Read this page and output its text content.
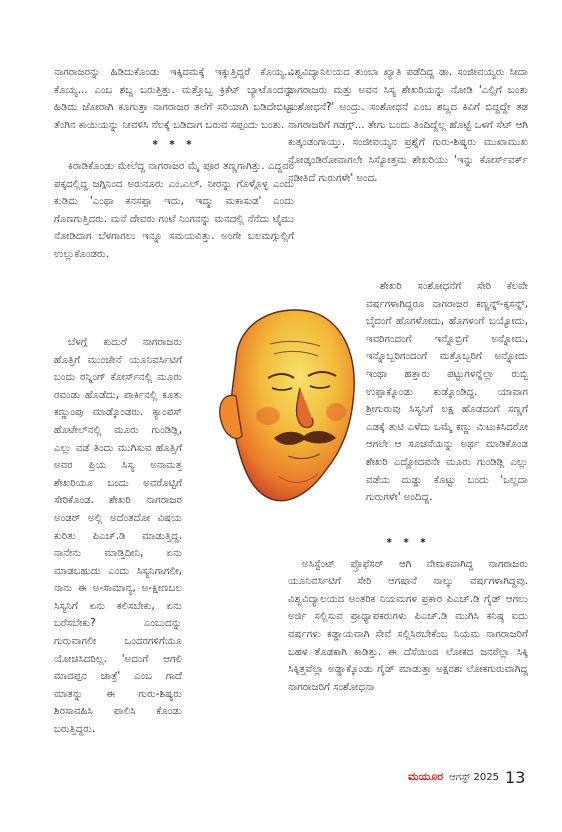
ನಾಗರಾಜರನ್ನು ಹಿಡಿದುಕೊಂಡು ಇಕ್ಕಿದಮಕ್ಕೆ ಇಕ್ಕುತ್ತಿದ್ದರೆ ಕೊಯ್ಯ... ಕೊಯ್ಯ... ಎಂಬ ಶಬ್ದ ಬರುತ್ತಿತ್ತು. ಮತ್ತೊಬ್ಬ ಕ್ರಿಕೆಟ್ ಬ್ಯಾಟೊಂದನ್ನು ಹಿಡಿದು ಜೋರಾಗಿ ಕೂಗುತ್ತಾ ನಾಗರಾಜರ ತಲೆಗೆ ಸರಿಯಾಗಿ ಬಡಿದೇಬಿಟ್ಟ. ತೆಂಗಿನ ಕಾಯಿಯನ್ನು ನೀವಳಿಸಿ ನೆಲಕ್ಕೆ ಬಡಿದಾಗ ಬರುವ ಸಪ್ಪಂದು ಬಂತು.

* * *

ಕಿರಾಡಿಕೊಂಡು ಮೇಲೆದ್ದ ನಾಗರಾಜರ ಮೈ ಪೂರ ತಣ್ಣಗಾಗಿತ್ತು. ಎದ್ದವರ ಪಕ್ಕದಲ್ಲಿದ್ದ ಜಗ್ಗಿನಿಂದ ಅರುನೂರು ಎಂ.ಎಲ್. ನೀರನ್ನು ಗೊಳ್ಗೊಳ್ಳ ಎಂದು ಕುಡಿದು 'ಎಂಥಾ ಕನಸಪ್ಪಾ ಇದು, ಇದ್ಮು ಮಕಾಸುಡ' ಎಂದು ಗೊಣಗುತ್ತಿದರು. ಮನೆ ದೇವರು ಗಂಟೆ ನಿಂಗನನ್ನು ಮನದಲ್ಲಿ ನೆನೆದು ಟೈಮು ನೋಡಿದಾಗ ಬೆಳಗಾಗಲು ಇನ್ನೂ ಸಮಯವಿತ್ತು. ಅಂಗೇ ಬಲಮಗ್ಗುಲ್ಲಿಗೆ ಉಲ್ಲುಕೊಂಡರು.

ಬೆಳಗ್ಗೆ ಕುದುರೆ ನಾಗರಾಜರು ಹೊತ್ತಿಗೆ ಮುಂಚೇನೆ ಯೂನಿವರ್ಸಿಟಿಗೆ ಬಂದು ರನ್ನಿಂಗ್ ಕೋರ್ಸ್‌ನಲ್ಲಿ ಮೂರು ರವಂಡು ಹೊಡೆದು, ಪಾರ್ಕಿನಲ್ಲಿ ಕೂತು ಕಣ್ಣುಂಪು ಮಾಡ್ಕೊಂಡರು. ಕ್ಯಾಂಪಸ್ ಹೊಟೇಲ್‌ನಲ್ಲಿ ಮೂರು ಗುಂಡಿಡ್ಲಿ, ಎಲ್ಲು ವಡೆ ತಿಂದು ಮುಗಿಸುವ ಹೊತ್ತಿಗೆ ಅವರ ಪ್ರಿಯ ಸಿಸ್ಯ ಅನಾಮತ್ತ ಶೇಖರಿಯೂ ಬಂದು ಅವರೊಟ್ಟಿಗೆ ಸೇರಿಕೊಂಡ. ಶೇಖರಿ ನಾಗರಾಜರ ಅಂಡರ್ ಅಲ್ಲಿ ಅದೆಂತದೋ ವಿಷಯ ಕುರಿತು ಪಿಎಚ್.ಡಿ ಮಾಡುತ್ತಿದ್ದ. ನಾನೇನು ಮಾಡ್ತಿದೀನಿ, ಏನು ಮಾಡಬಹುದು ಎಂದು ಸಿಸ್ಯನಿಗಾಗಲೀ, ನಾನು ಈ ಅ-ಸಾಮಾನ್ಯ, ಅ-ಕ್ಷೀಣಬಲ ಸಿಸ್ಯನಿಗೆ ಏನು ಕಲಿಸಬೇಕು, ಏನು ಬರೆಸಬೇಕು? ಎಂಬುದನ್ನು ಗುರುವಾಗಲೀ ಒಂದರಗಳಿಗೆಯೂ ಯೋಚಿಸಿದರಿಲ್ಲ. 'ಅದಂಗೆ ಆಗಲಿ ಮಾದಪ್ಪನ ಜಾತ್ರೆ' ಎಂಬ ಗಾದೆ ಮಾತನ್ನು ಈ ಗುರು-ಶಿಷ್ಯರು ಶಿರಸಾವಹಿಸಿ ಪಾಲಿಸಿ ಕೊಂಡು ಬರುತ್ತಿದ್ದರು.

ವಿಶ್ವವಿದ್ಯಾನಿಲಯದ ತುಂಬಾ ಖ್ಯಾತಿ ಪಡೆದಿದ್ದ ಡಾ. ಸಂಜೀವಯ್ಯರು ಸೀದಾ ನಾಗರಾಜರು ಮತ್ತು ಅವನ ಸಿಸ್ಯ ಶೇಖರಿಯನ್ನು ನೋಡಿ 'ಎಲ್ಲಿಗೆ ಬಂತು ಸಂಶೋಧನೆ?' ಅಂದ್ರು. ಸಂಶೋಧನೆ ಎಂಬ ಶಬ್ದದ ಕಿವಿಗೆ ಬಿದ್ದದ್ದೇ ತಡ ನಾಗರಾಜರಿಗೆ ಗಡಗ್ಗ್... ತೇಗು ಬಂದು ತಿಂದಿದ್ದೆಲ್ಲ ಹೊಟ್ಟೆ ಒಳಗೆ ಸೆಟ್ ಆಗಿ ಕುತ್ಕಂಡಂಗಾಯ್ತು. ಸಂಜೀವಯ್ಯನ ಪ್ರಶ್ನೆಗೆ ಗುರು-ಶಿಷ್ಯರು ಮುಖಾಮುಖ ನೋಡ್ಕಂಡಿರೋವಾಗಲೇ ಸಿಸ್ಯೋತ್ತಮ ಶೇಖರಿಯು 'ಇನ್ನು ಕೋರ್ಸ್‌ವರ್ಕ್ ನಡೀತಿದೆ ಗುರುಗಳೇ' ಅಂದ.

ಶೇಖರಿ ಸಂಶೋಧನೆಗೆ ಸೇರಿ ಕೆಲವೇ ವರ್ಷಗಳಾಗಿದ್ದರೂ ನಾಗರಾಜರ ಕಣ್ಣನ್ನ್-ಕ್ಕಸನ್ನ್, ಬೈದಂಗೆ ಹೊಗಳೋದು, ಹೊಗಳಂಗೆ ಬಯ್ಯೋದು, ಇವರಿಗಂದಂಗೆ ಇನ್ನೊಬ್ರಿಗೆ ಅನ್ನೋದು, ಇನ್ನೊಬ್ಬರಿಗಂದಂಗೆ ಮತ್ತೊಬ್ಬರಿಗೆ ಅನ್ನೋದು ಇಂಥಾ ಹತ್ತಾರು ಪಟ್ಟುಗಳನ್ನೆಲ್ಲಾ ರುಬ್ಬಿ ಉಪ್ಪಾಕ್ಕೊಂಡು ಕುಡ್ಕೊಂಡಿದ್ದ. ಯಾವಾಗ ಶ್ರೀಗುರುವು ಸಿಸ್ಯನಿಗೆ ಲಕ್ಷ ಹೊಡದಂಗೆ ಸಣ್ಣಗೆ ಎಡಕ್ಕೆ ತುಟಿ ಎಳೆದು ಒಮ್ಮೆ ಕಣ್ಣು ಮಿಟುಕಿಸಿದರೋ ಆಗಲೇ ಆ ಸೂಚನೆಯನ್ನು ಅರ್ಥ ಮಾಡಿಕೊಂಡ ಶೇಖರಿ ಎದ್ದೋದವನೇ ಮೂರು ಗುಂಡಿಡ್ಲಿ ಎಲ್ಲು ವಡೆಯ ದುಡ್ಡು ಕೊಟ್ಟು ಬಂದು 'ಒಲ್ಲದಾ ಗುರುಗಳೇ' ಅಂದಿದ್ದ.

* * *

ಅಸಿಸ್ಟೆಂಟ್ ಪ್ರೊಫೆಸರ್ ಆಗಿ ನೇಮಕವಾಗಿದ್ದ ನಾಗರಾಜರು ಯೂನಿವರ್ಸಿಟಿಗೆ ಸೇರಿ ಆಗಷಾನೆ ನಾಲ್ಕು ವರ್ಷಗಳಾಗಿದ್ದವು. ವಿಶ್ವವಿದ್ಯಾಲಯದ ಅಂತರಿಕ ನಿಯಮಗಳ ಪ್ರಕಾರ ಪಿಎಚ್.ಡಿ ಗೈಡ್ ಆಗಲು ಅರ್ಜಿ ಸಲ್ಲಿಸುವ ಪ್ರಾಧ್ಯಾಪಕರುಗಳು ಪಿಎಚ್.ಡಿ ಮುಗಿಸಿ ಕನಿಷ್ಠ ಐದು ವರ್ಷಗಳು ಕಡ್ಡಾಯವಾಗಿ ಸೇವೆ ಸಲ್ಲಿಸಿರಬೇಕೆಂಬ ನಿಯಮ ನಾಗರಾಜರಿಗೆ ಬಹಳ ತೊಡಕಾಗಿ ಕಾಡಿತ್ತು. ಈ ದೆಸೆಯಿಂದ ಲೋಕದ ಜನರೆಲ್ಲಾ ಸಿಕ್ಕಿ ಸಿಕ್ಕಿತ್ತವೆಲ್ಲಾ ಅಡ್ಡಾಕ್ಕೊಂಡು ಗೈಡ್ ಮಾಡುತ್ತಾ ಅಕ್ಷರಶಃ ಲೋಕಗುರುವಾಗಿದ್ದ ನಾಗರಾಜರಿಗೆ ಸಂಶೋಧನಾ

ಮಯೂರ ಆಗಸ್ಟ್ 2025 13
